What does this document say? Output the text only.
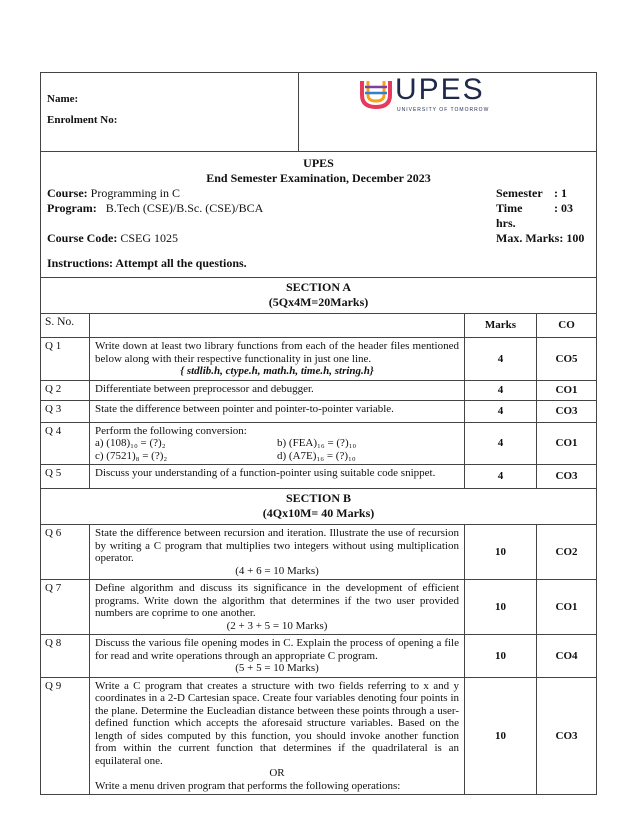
Name:
Enrolment No:

UPES
UNIVERSITY OF TOMORROW

UPES
End Semester Examination, December 2023
Course: Programming in C	Semester : 1
Program: B.Tech (CSE)/B.Sc. (CSE)/BCA	Time	: 03 hrs.
Course Code: CSEG 1025	Max. Marks: 100
Instructions: Attempt all the questions.
SECTION A
(5Qx4M=20Marks)			

S. No.		Marks	CO
Q 1	Write down at least two library functions from each of the header files mentioned below along with their respective functionality in just one line.
{ stdlib.h, ctype.h, math.h, time.h, string.h}	4	CO5
Q 2	Differentiate between preprocessor and debugger.	4	CO1
Q 3	State the difference between pointer and pointer-to-pointer variable.	4	CO3
Q 4	Perform the following conversion:
a) (108)₁₀ = (?)₂ b) (FEA)₁₆ = (?)₁₀
c) (7521)₈ = (?)₂ d) (A7E)₁₆ = (?)₁₀	4	CO1
Q 5	Discuss your understanding of a function-pointer using suitable code snippet.	4	CO3

SECTION B
(4Qx10M= 40 Marks)			

Q 6	State the difference between recursion and iteration. Illustrate the use of recursion by writing a C program that multiplies two integers without using multiplication operator.
(4 + 6 = 10 Marks)	10	CO2
Q 7	Define algorithm and discuss its significance in the development of efficient programs. Write down the algorithm that determines if the two user provided numbers are coprime to one another.
(2 + 3 + 5 = 10 Marks)	10	CO1
Q 8	Discuss the various file opening modes in C. Explain the process of opening a file for read and write operations through an appropriate C program.
(5 + 5 = 10 Marks)	10	CO4
Q 9	Write a C program that creates a structure with two fields referring to x and y coordinates in a 2-D Cartesian space. Create four variables denoting four points in the plane. Determine the Eucleadian distance between these points through a user-defined function which accepts the aforesaid structure variables. Based on the length of sides computed by this function, you should invoke another function from within the current function that determines if the quadrilateral is an equilateral one.
OR
Write a menu driven program that performs the following operations:	10	CO3
